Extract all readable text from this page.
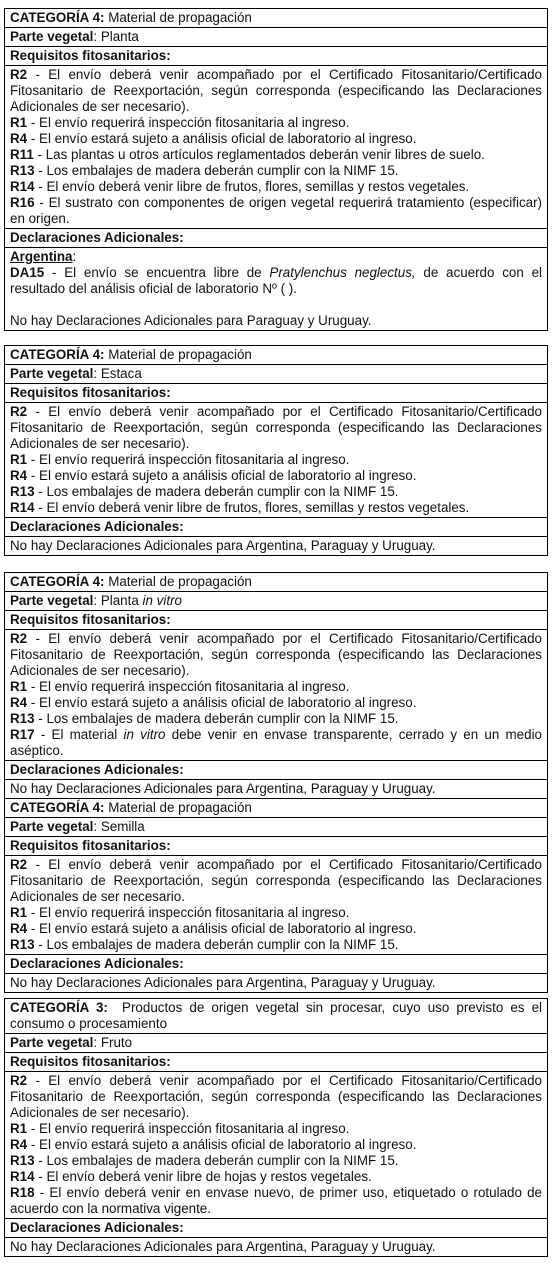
CATEGORÍA 4: Material de propagación
Parte vegetal: Planta
Requisitos fitosanitarios:

R2 - El envío deberá venir acompañado por el Certificado Fitosanitario/Certificado Fitosanitario de Reexportación, según corresponda (especificando las Declaraciones Adicionales de ser necesario).

R1 - El envío requerirá inspección fitosanitaria al ingreso.

R4 - El envío estará sujeto a análisis oficial de laboratorio al ingreso.

R11 - Las plantas u otros artículos reglamentados deberán venir libres de suelo.

R13 - Los embalajes de madera deberán cumplir con la NIMF 15.

R14 - El envío deberá venir libre de frutos, flores, semillas y restos vegetales.

R16 - El sustrato con componentes de origen vegetal requerirá tratamiento (especificar) en origen.

Declaraciones Adicionales:
Argentina:

DA15 - El envío se encuentra libre de Pratylenchus neglectus, de acuerdo con el resultado del análisis oficial de laboratorio Nº ( ).

No hay Declaraciones Adicionales para Paraguay y Uruguay.
CATEGORÍA 4: Material de propagación
Parte vegetal: Estaca
Requisitos fitosanitarios:

R2 - El envío deberá venir acompañado por el Certificado Fitosanitario/Certificado Fitosanitario de Reexportación, según corresponda (especificando las Declaraciones Adicionales de ser necesario).

R1 - El envío requerirá inspección fitosanitaria al ingreso.

R4 - El envío estará sujeto a análisis oficial de laboratorio al ingreso.

R13 - Los embalajes de madera deberán cumplir con la NIMF 15.

R14 - El envío deberá venir libre de frutos, flores, semillas y restos vegetales.

Declaraciones Adicionales:
No hay Declaraciones Adicionales para Argentina, Paraguay y Uruguay.
CATEGORÍA 4: Material de propagación
Parte vegetal: Planta in vitro
Requisitos fitosanitarios:

R2 - El envío deberá venir acompañado por el Certificado Fitosanitario/Certificado Fitosanitario de Reexportación, según corresponda (especificando las Declaraciones Adicionales de ser necesario).

R1 - El envío requerirá inspección fitosanitaria al ingreso.

R4 - El envío estará sujeto a análisis oficial de laboratorio al ingreso.

R13 - Los embalajes de madera deberán cumplir con la NIMF 15.

R17 - El material in vitro debe venir en envase transparente, cerrado y en un medio aséptico.

Declaraciones Adicionales:
No hay Declaraciones Adicionales para Argentina, Paraguay y Uruguay.
CATEGORÍA 4: Material de propagación
Parte vegetal: Semilla
Requisitos fitosanitarios:

R2 - El envío deberá venir acompañado por el Certificado Fitosanitario/Certificado Fitosanitario de Reexportación, según corresponda (especificando las Declaraciones Adicionales de ser necesario.

R1 - El envío requerirá inspección fitosanitaria al ingreso.

R4 - El envío estará sujeto a análisis oficial de laboratorio al ingreso.

R13 - Los embalajes de madera deberán cumplir con la NIMF 15.

Declaraciones Adicionales:
No hay Declaraciones Adicionales para Argentina, Paraguay y Uruguay.
CATEGORÍA 3:  Productos de origen vegetal sin procesar, cuyo uso previsto es el consumo o procesamiento
Parte vegetal: Fruto
Requisitos fitosanitarios:

R2 - El envío deberá venir acompañado por el Certificado Fitosanitario/Certificado Fitosanitario de Reexportación, según corresponda (especificando las Declaraciones Adicionales de ser necesario).

R1 - El envío requerirá inspección fitosanitaria al ingreso.

R4 - El envío estará sujeto a análisis oficial de laboratorio al ingreso.

R13 - Los embalajes de madera deberán cumplir con la NIMF 15.

R14 - El envío deberá venir libre de hojas y restos vegetales.

R18 - El envío deberá venir en envase nuevo, de primer uso, etiquetado o rotulado de acuerdo con la normativa vigente.

Declaraciones Adicionales:
No hay Declaraciones Adicionales para Argentina, Paraguay y Uruguay.
